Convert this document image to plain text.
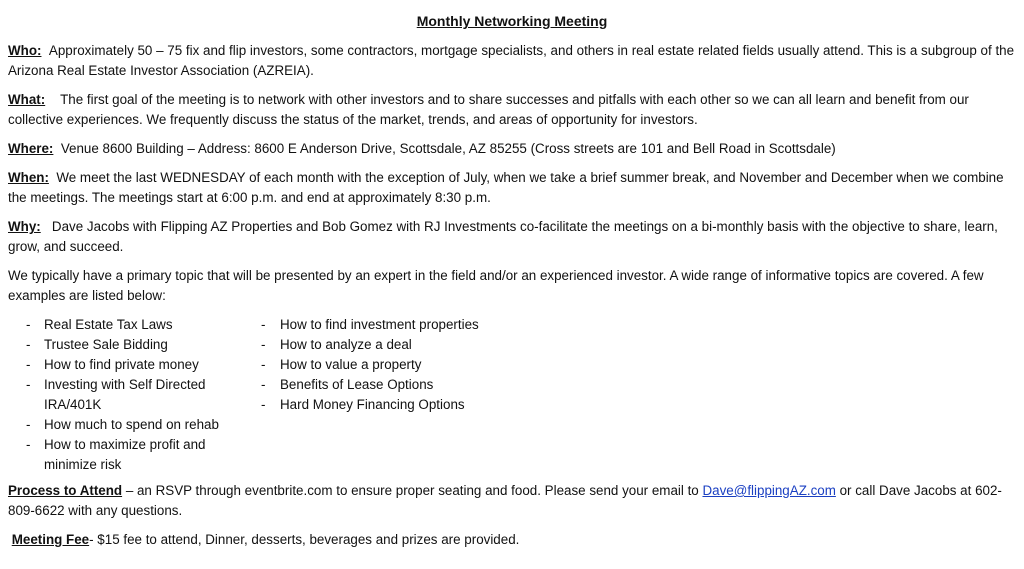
Monthly Networking Meeting

Who: Approximately 50 – 75 fix and flip investors, some contractors, mortgage specialists, and others in real estate related fields usually attend. This is a subgroup of the Arizona Real Estate Investor Association (AZREIA).

What: The first goal of the meeting is to network with other investors and to share successes and pitfalls with each other so we can all learn and benefit from our collective experiences. We frequently discuss the status of the market, trends, and areas of opportunity for investors.

Where: Venue 8600 Building – Address: 8600 E Anderson Drive, Scottsdale, AZ 85255 (Cross streets are 101 and Bell Road in Scottsdale)

When: We meet the last WEDNESDAY of each month with the exception of July, when we take a brief summer break, and November and December when we combine the meetings. The meetings start at 6:00 p.m. and end at approximately 8:30 p.m.

Why: Dave Jacobs with Flipping AZ Properties and Bob Gomez with RJ Investments co-facilitate the meetings on a bi-monthly basis with the objective to share, learn, grow, and succeed.

We typically have a primary topic that will be presented by an expert in the field and/or an experienced investor. A wide range of informative topics are covered. A few examples are listed below:

- Real Estate Tax Laws
- Trustee Sale Bidding
- How to find private money
- Investing with Self Directed IRA/401K
- How much to spend on rehab
- How to maximize profit and minimize risk
- How to find investment properties
- How to analyze a deal
- How to value a property
- Benefits of Lease Options
- Hard Money Financing Options

Process to Attend – an RSVP through eventbrite.com to ensure proper seating and food. Please send your email to Dave@flippingAZ.com or call Dave Jacobs at 602-809-6622 with any questions.

Meeting Fee- $15 fee to attend, Dinner, desserts, beverages and prizes are provided.
